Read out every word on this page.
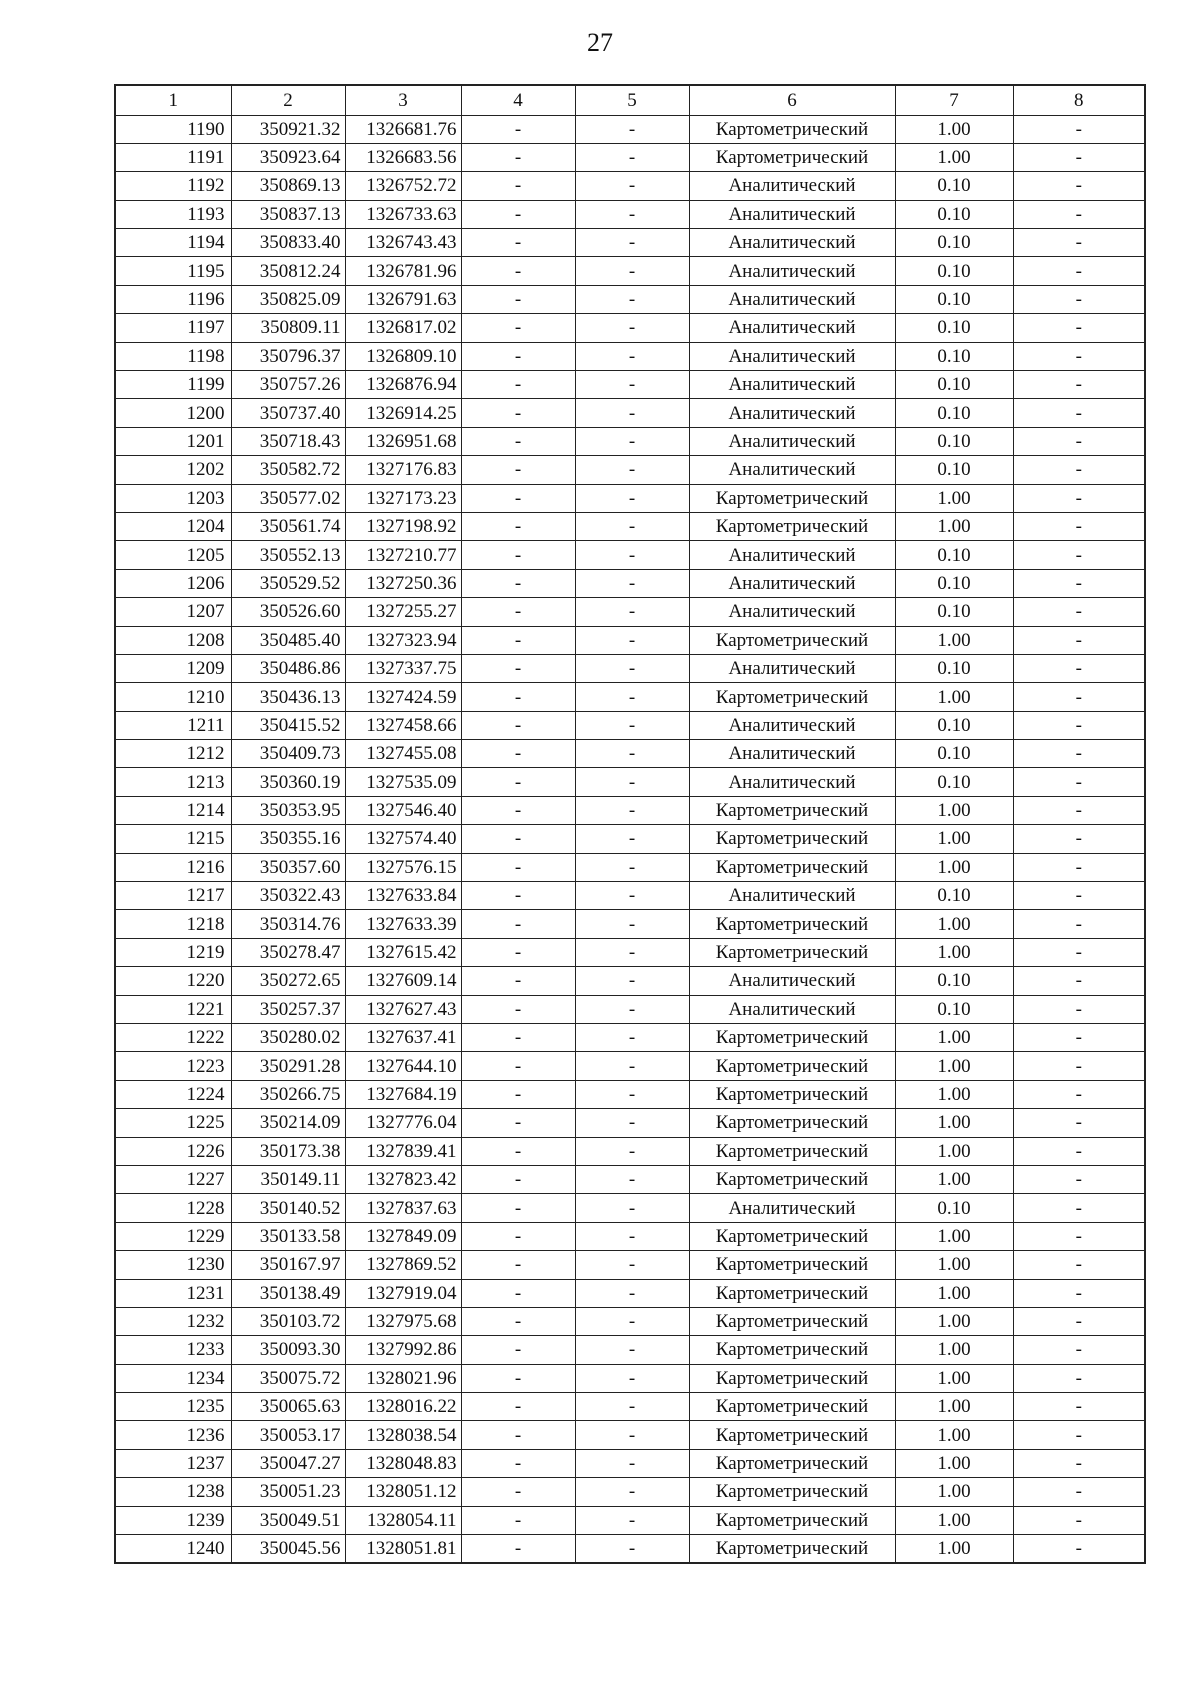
27
1	2	3	4	5	6	7	8
1190	350921.32	1326681.76	-	-	Картометрический	1.00	-
1191	350923.64	1326683.56	-	-	Картометрический	1.00	-
1192	350869.13	1326752.72	-	-	Аналитический	0.10	-
1193	350837.13	1326733.63	-	-	Аналитический	0.10	-
1194	350833.40	1326743.43	-	-	Аналитический	0.10	-
1195	350812.24	1326781.96	-	-	Аналитический	0.10	-
1196	350825.09	1326791.63	-	-	Аналитический	0.10	-
1197	350809.11	1326817.02	-	-	Аналитический	0.10	-
1198	350796.37	1326809.10	-	-	Аналитический	0.10	-
1199	350757.26	1326876.94	-	-	Аналитический	0.10	-
1200	350737.40	1326914.25	-	-	Аналитический	0.10	-
1201	350718.43	1326951.68	-	-	Аналитический	0.10	-
1202	350582.72	1327176.83	-	-	Аналитический	0.10	-
1203	350577.02	1327173.23	-	-	Картометрический	1.00	-
1204	350561.74	1327198.92	-	-	Картометрический	1.00	-
1205	350552.13	1327210.77	-	-	Аналитический	0.10	-
1206	350529.52	1327250.36	-	-	Аналитический	0.10	-
1207	350526.60	1327255.27	-	-	Аналитический	0.10	-
1208	350485.40	1327323.94	-	-	Картометрический	1.00	-
1209	350486.86	1327337.75	-	-	Аналитический	0.10	-
1210	350436.13	1327424.59	-	-	Картометрический	1.00	-
1211	350415.52	1327458.66	-	-	Аналитический	0.10	-
1212	350409.73	1327455.08	-	-	Аналитический	0.10	-
1213	350360.19	1327535.09	-	-	Аналитический	0.10	-
1214	350353.95	1327546.40	-	-	Картометрический	1.00	-
1215	350355.16	1327574.40	-	-	Картометрический	1.00	-
1216	350357.60	1327576.15	-	-	Картометрический	1.00	-
1217	350322.43	1327633.84	-	-	Аналитический	0.10	-
1218	350314.76	1327633.39	-	-	Картометрический	1.00	-
1219	350278.47	1327615.42	-	-	Картометрический	1.00	-
1220	350272.65	1327609.14	-	-	Аналитический	0.10	-
1221	350257.37	1327627.43	-	-	Аналитический	0.10	-
1222	350280.02	1327637.41	-	-	Картометрический	1.00	-
1223	350291.28	1327644.10	-	-	Картометрический	1.00	-
1224	350266.75	1327684.19	-	-	Картометрический	1.00	-
1225	350214.09	1327776.04	-	-	Картометрический	1.00	-
1226	350173.38	1327839.41	-	-	Картометрический	1.00	-
1227	350149.11	1327823.42	-	-	Картометрический	1.00	-
1228	350140.52	1327837.63	-	-	Аналитический	0.10	-
1229	350133.58	1327849.09	-	-	Картометрический	1.00	-
1230	350167.97	1327869.52	-	-	Картометрический	1.00	-
1231	350138.49	1327919.04	-	-	Картометрический	1.00	-
1232	350103.72	1327975.68	-	-	Картометрический	1.00	-
1233	350093.30	1327992.86	-	-	Картометрический	1.00	-
1234	350075.72	1328021.96	-	-	Картометрический	1.00	-
1235	350065.63	1328016.22	-	-	Картометрический	1.00	-
1236	350053.17	1328038.54	-	-	Картометрический	1.00	-
1237	350047.27	1328048.83	-	-	Картометрический	1.00	-
1238	350051.23	1328051.12	-	-	Картометрический	1.00	-
1239	350049.51	1328054.11	-	-	Картометрический	1.00	-
1240	350045.56	1328051.81	-	-	Картометрический	1.00	-
